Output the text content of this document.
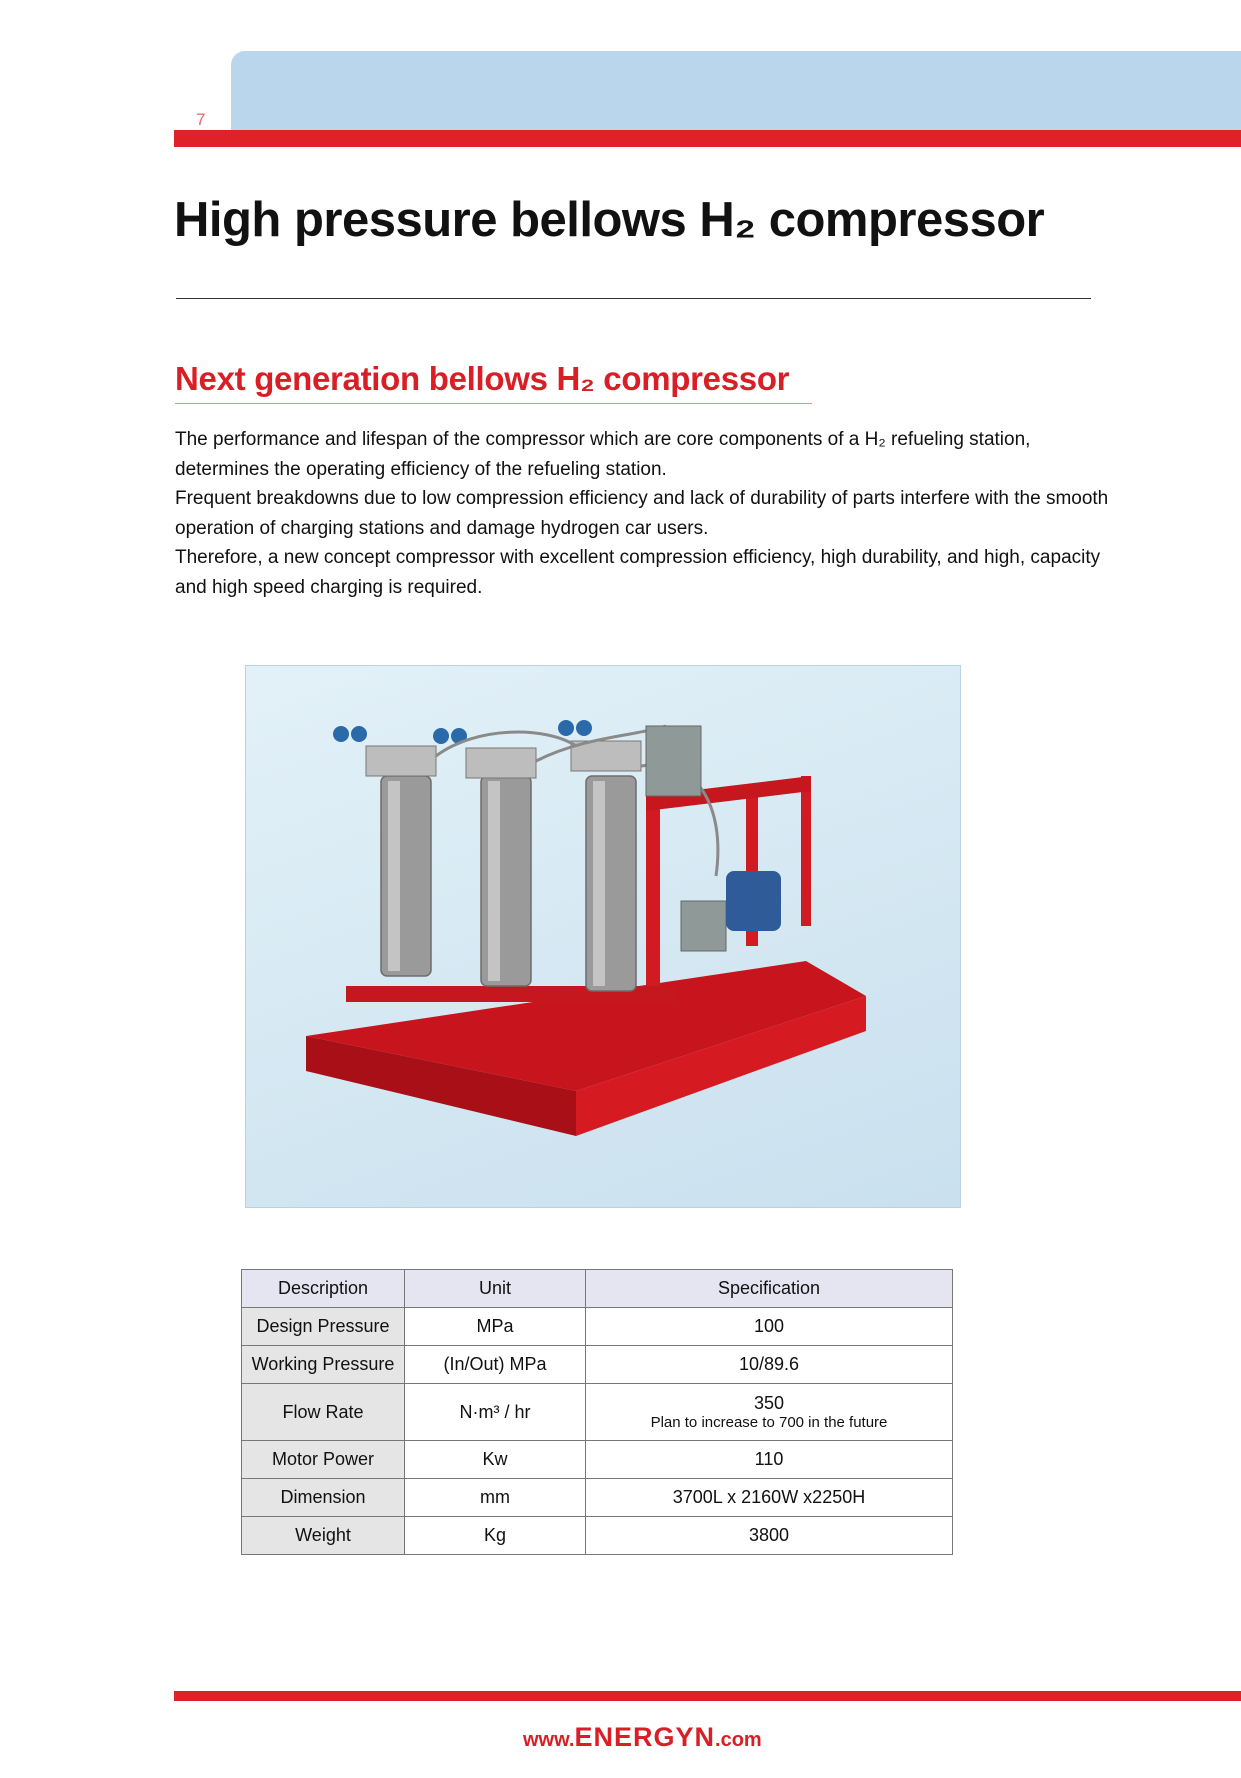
7
High pressure bellows H₂ compressor
Next generation bellows H₂ compressor

The performance and lifespan of the compressor which are core components of a H₂ refueling station, determines the operating efficiency of the refueling station.

Frequent breakdowns due to low compression efficiency and lack of durability of parts interfere with the smooth operation of charging stations and damage hydrogen car users.

Therefore, a new concept compressor with excellent compression efficiency, high durability, and high, capacity and high speed charging is required.

Description	Unit	Specification
Design Pressure	MPa	100
Working Pressure	(In/Out) MPa	10/89.6
Flow Rate	N·m³ / hr	350
Plan to increase to 700 in the future

Motor Power	Kw	110
Dimension	mm	3700L x 2160W x2250H
Weight	Kg	3800
www.ENERGYN.com
